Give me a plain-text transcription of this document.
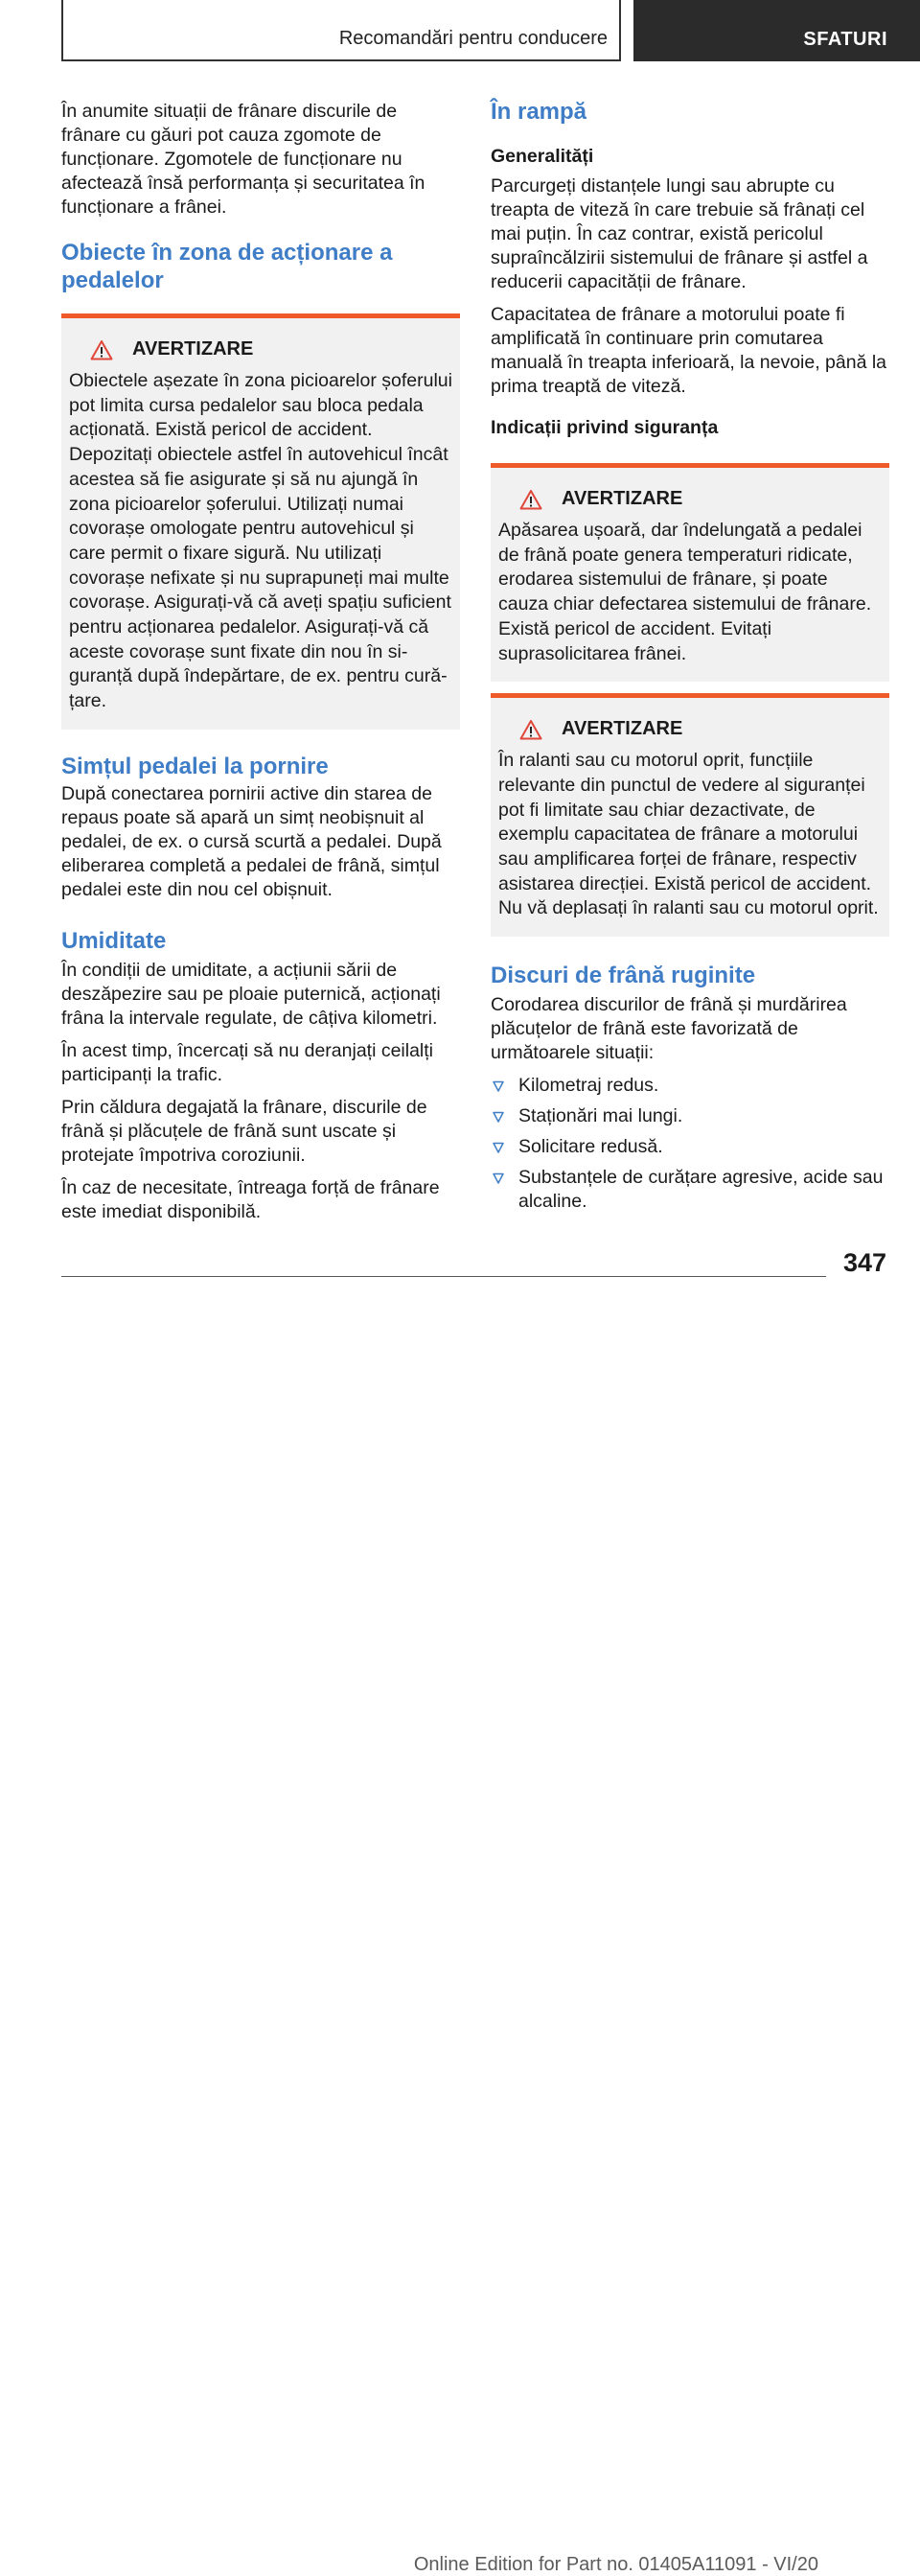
Recomandări pentru conducere	SFATURI

În anumite situații de frânare discurile de frânare cu găuri pot cauza zgomote de funcționare. Zgomotele de funcționare nu afectează însă performanța și securitatea în funcționare a frânei.

Obiecte în zona de acționare a pedalelor
AVERTIZARE

Obiectele așezate în zona picioarelor șoferului pot limita cursa pedalelor sau bloca pedala acționată. Există pericol de accident. Depozitați obiectele astfel în autovehicul încât acestea să fie asigurate și să nu ajungă în zona picioarelor șoferului. Utilizați numai covorașe omologate pentru autovehicul și care permit o fixare sigură. Nu utilizați covorașe nefixate și nu suprapuneți mai multe covorașe. Asigurați-vă că aveți spațiu suficient pentru acționarea pedalelor. Asigurați-vă că aceste covorașe sunt fixate din nou în siguranță după îndepărtare, de ex. pentru curățare.

Simțul pedalei la pornire

După conectarea pornirii active din starea de repaus poate să apară un simț neobișnuit al pedalei, de ex. o cursă scurtă a pedalei. După eliberarea completă a pedalei de frână, simțul pedalei este din nou cel obișnuit.

Umiditate

În condiții de umiditate, a acțiunii sării de deszăpezire sau pe ploaie puternică, acționați frâna la intervale regulate, de câțiva kilometri.

În acest timp, încercați să nu deranjați ceilalți participanți la trafic.

Prin căldura degajată la frânare, discurile de frână și plăcuțele de frână sunt uscate și protejate împotriva coroziunii.

În caz de necesitate, întreaga forță de frânare este imediat disponibilă.

În rampă
Generalități

Parcurgeți distanțele lungi sau abrupte cu treapta de viteză în care trebuie să frânați cel mai puțin. În caz contrar, există pericolul supraîncălzirii sistemului de frânare și astfel a reducerii capacității de frânare.

Capacitatea de frânare a motorului poate fi amplificată în continuare prin comutarea manuală în treapta inferioară, la nevoie, până la prima treaptă de viteză.

Indicații privind siguranța
AVERTIZARE

Apăsarea ușoară, dar îndelungată a pedalei de frână poate genera temperaturi ridicate, erodarea sistemului de frânare, și poate cauza chiar defectarea sistemului de frânare. Există pericol de accident. Evitați suprasolicitarea frânei.

AVERTIZARE

În ralanti sau cu motorul oprit, funcțiile relevante din punctul de vedere al siguranței pot fi limitate sau chiar dezactivate, de exemplu capacitatea de frânare a motorului sau amplificarea forței de frânare, respectiv asistarea direcției. Există pericol de accident. Nu vă deplasați în ralanti sau cu motorul oprit.

Discuri de frână ruginite

Corodarea discurilor de frână și murdărirea plăcuțelor de frână este favorizată de următoarele situații:

Kilometraj redus.
Staționări mai lungi.
Solicitare redusă.
Substanțele de curățare agresive, acide sau alcaline.
347
Online Edition for Part no. 01405A11091 - VI/20
